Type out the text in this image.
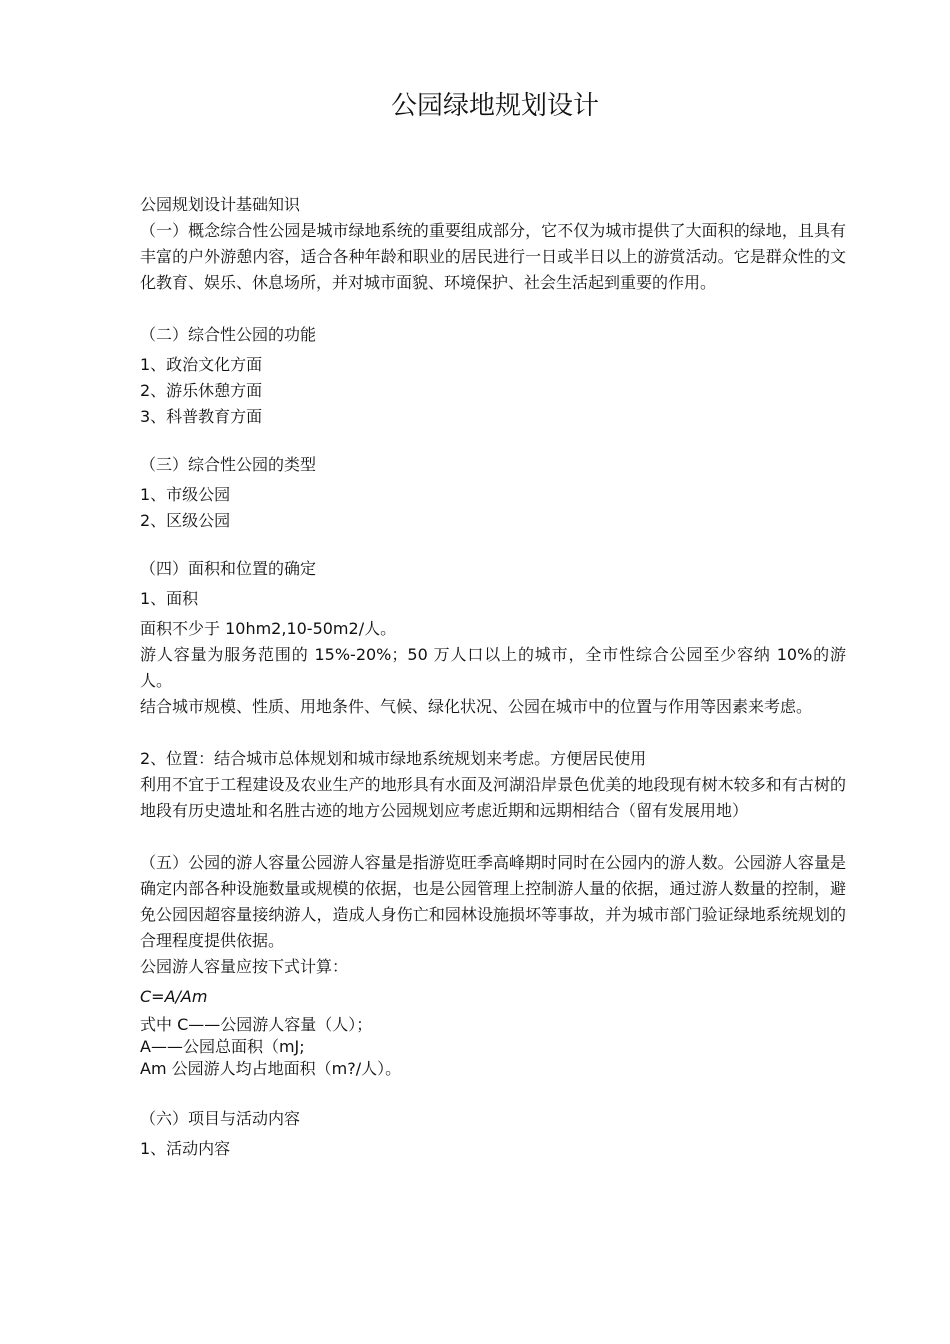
公园绿地规划设计

公园规划设计基础知识

（一）概念综合性公园是城市绿地系统的重要组成部分，它不仅为城市提供了大面积的绿地，且具有丰富的户外游憩内容，适合各种年龄和职业的居民进行一日或半日以上的游赏活动。它是群众性的文化教育、娱乐、休息场所，并对城市面貌、环境保护、社会生活起到重要的作用。

（二）综合性公园的功能

1、政治文化方面

2、游乐休憩方面

3、科普教育方面

（三）综合性公园的类型

1、市级公园

2、区级公园

（四）面积和位置的确定

1、面积

面积不少于 10hm2,10-50m2/人。

游人容量为服务范围的 15%-20%；50 万人口以上的城市，全市性综合公园至少容纳 10%的游人。

结合城市规模、性质、用地条件、气候、绿化状况、公园在城市中的位置与作用等因素来考虑。

2、位置：结合城市总体规划和城市绿地系统规划来考虑。方便居民使用

利用不宜于工程建设及农业生产的地形具有水面及河湖沿岸景色优美的地段现有树木较多和有古树的地段有历史遗址和名胜古迹的地方公园规划应考虑近期和远期相结合（留有发展用地）

（五）公园的游人容量公园游人容量是指游览旺季高峰期时同时在公园内的游人数。公园游人容量是确定内部各种设施数量或规模的依据，也是公园管理上控制游人量的依据，通过游人数量的控制，避免公园因超容量接纳游人，造成人身伤亡和园林设施损坏等事故，并为城市部门验证绿地系统规划的合理程度提供依据。

公园游人容量应按下式计算：

C=A/Am

式中 C——公园游人容量（人）；

A——公园总面积（mJ;

Am 公园游人均占地面积（m?/人）。

（六）项目与活动内容

1、活动内容
